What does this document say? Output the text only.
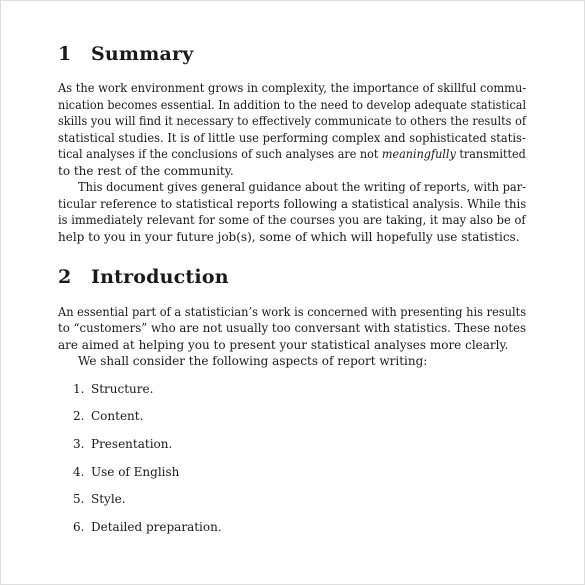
1 Summary
As the work environment grows in complexity, the importance of skillful commu-
nication becomes essential. In addition to the need to develop adequate statistical
skills you will find it necessary to effectively communicate to others the results of
statistical studies. It is of little use performing complex and sophisticated statis-
tical analyses if the conclusions of such analyses are not meaningfully transmitted
to the rest of the community.
This document gives general guidance about the writing of reports, with par-
ticular reference to statistical reports following a statistical analysis. While this
is immediately relevant for some of the courses you are taking, it may also be of
help to you in your future job(s), some of which will hopefully use statistics.
2 Introduction
An essential part of a statistician’s work is concerned with presenting his results
to “customers” who are not usually too conversant with statistics. These notes
are aimed at helping you to present your statistical analyses more clearly.
We shall consider the following aspects of report writing:
1. Structure.
2. Content.
3. Presentation.
4. Use of English
5. Style.
6. Detailed preparation.
